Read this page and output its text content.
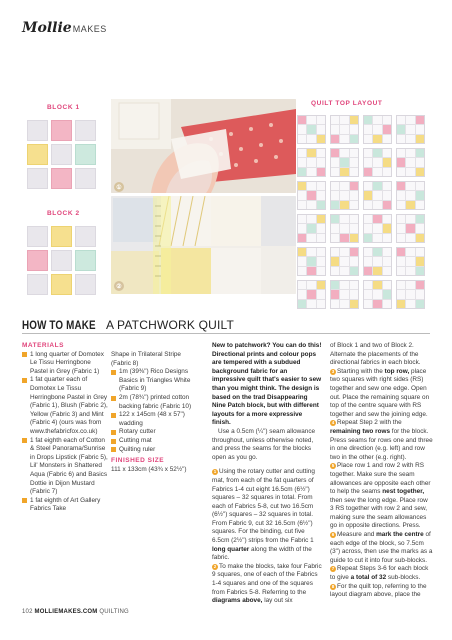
Mollie MAKES
BLOCK 1
BLOCK 2
QUILT TOP LAYOUT
①
②
HOW TO MAKE A PATCHWORK QUILT

MATERIALS

1 long quarter of Domotex Le Tissu Herringbone Pastel in Grey (Fabric 1)

1 fat quarter each of Domotex Le Tissu Herringbone Pastel in Grey (Fabric 1), Blush (Fabric 2), Yellow (Fabric 3) and Mint (Fabric 4) (ours was from www.thefabricfox.co.uk)

1 fat eighth each of Cotton & Steel Panorama/Sunrise in Drops Lipstick (Fabric 5), Lil' Monsters in Shattered Aqua (Fabric 6) and Basics Dottie in Dijon Mustard (Fabric 7)

1 fat eighth of Art Gallery Fabrics Take

Shape in Trilateral Stripe (Fabric 8)

1m (39⅜") Rico Designs Basics in Triangles White (Fabric 9)

2m (78¾") printed cotton backing fabric (Fabric 10)

122 x 145cm (48 x 57") wadding

Rotary cutter

Cutting mat

Quilting ruler

FINISHED SIZE

111 x 133cm (43¾ x 52½")

New to patchwork? You can do this! Directional prints and colour pops are tempered with a subdued background fabric for an impressive quilt that's easier to sew than you might think. The design is based on the trad Disappearing Nine Patch block, but with different layouts for a more expressive finish.

Use a 0.5cm (¼") seam allowance throughout, unless otherwise noted, and press the seams for the blocks open as you go.

1 Using the rotary cutter and cutting mat, from each of the fat quarters of Fabrics 1-4 cut eight 16.5cm (6½") squares – 32 squares in total. From each of Fabrics 5-8, cut two 16.5cm (6½") squares – 32 squares in total. From Fabric 9, cut 32 16.5cm (6½") squares. For the binding, cut five 6.5cm (2½") strips from the Fabric 1 long quarter along the width of the fabric.

2 To make the blocks, take four Fabric 9 squares, one of each of the Fabrics 1-4 squares and one of the squares from Fabrics 5-8. Referring to the diagrams above, lay out six

of Block 1 and two of Block 2. Alternate the placements of the directional fabrics in each block.

3 Starting with the top row, place two squares with right sides (RS) together and sew one edge. Open out. Place the remaining square on top of the centre square with RS together and sew the joining edge.

4 Repeat Step 2 with the remaining two rows for the block. Press seams for rows one and three in one direction (e.g. left) and row two in the other (e.g. right).

5 Place row 1 and row 2 with RS together. Make sure the seam allowances are opposite each other to help the seams nest together, then sew the long edge. Place row 3 RS together with row 2 and sew, making sure the seam allowances go in opposite directions. Press.

6 Measure and mark the centre of each edge of the block, so 7.5cm (3") across, then use the marks as a guide to cut it into four sub-blocks.

7 Repeat Steps 3-6 for each block to give a total of 32 sub-blocks.

8 For the quilt top, referring to the layout diagram above, place the

102 MOLLIEMAKES.COM QUILTING
